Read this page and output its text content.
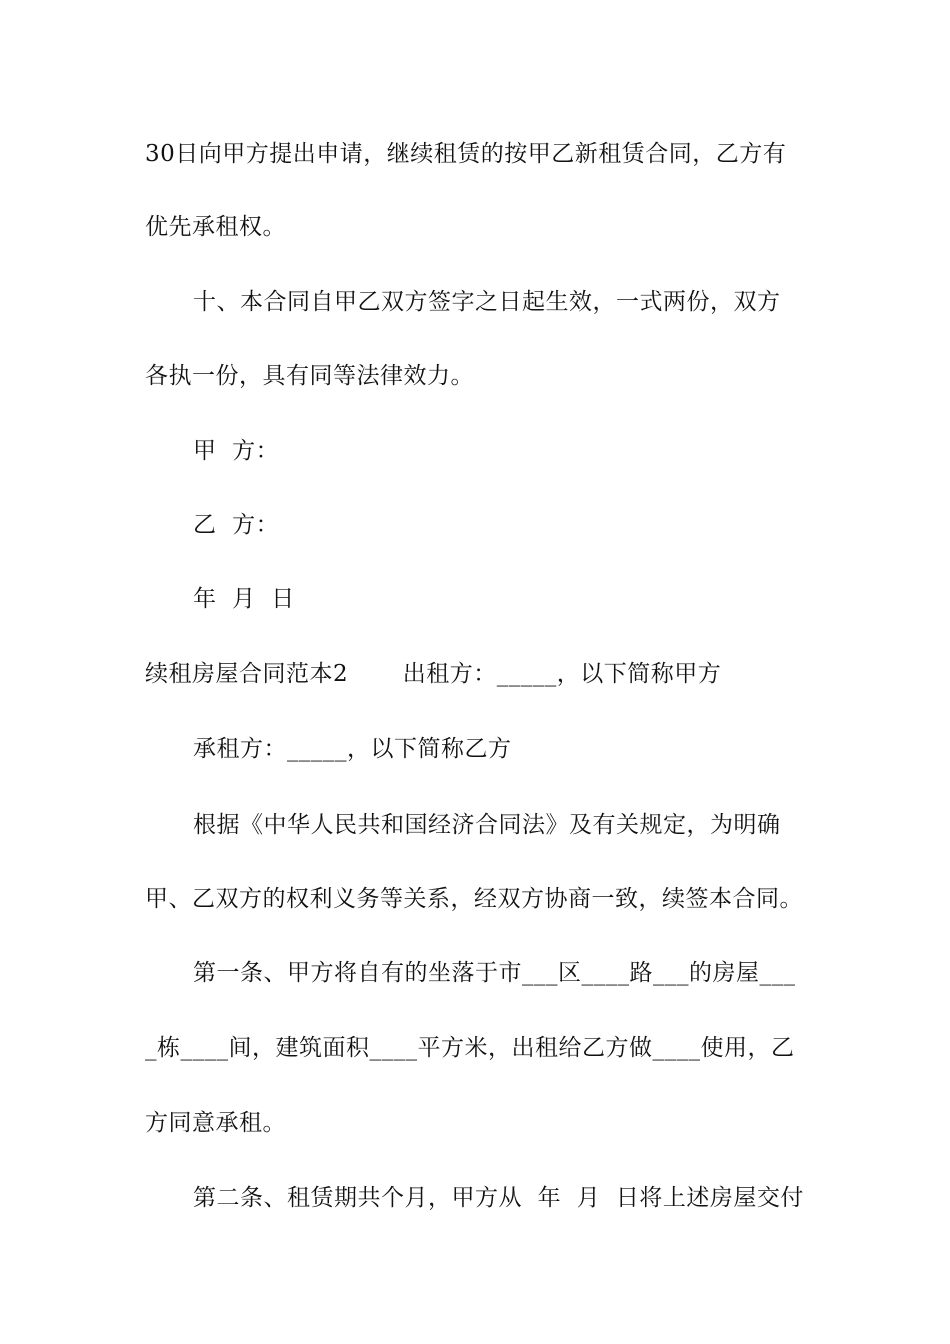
30日向甲方提出申请，继续租赁的按甲乙新租赁合同，乙方有
优先承租权。
十、本合同自甲乙双方签字之日起生效，一式两份，双方
各执一份，具有同等法律效力。
甲  方：
乙  方：
年  月  日
续租房屋合同范本2       出租方：_____，以下简称甲方
承租方：_____，以下简称乙方
根据《中华人民共和国经济合同法》及有关规定，为明确
甲、乙双方的权利义务等关系，经双方协商一致，续签本合同。
第一条、甲方将自有的坐落于市___区____路___的房屋___
_栋____间，建筑面积____平方米，出租给乙方做____使用，乙
方同意承租。
第二条、租赁期共个月，甲方从  年  月  日将上述房屋交付
